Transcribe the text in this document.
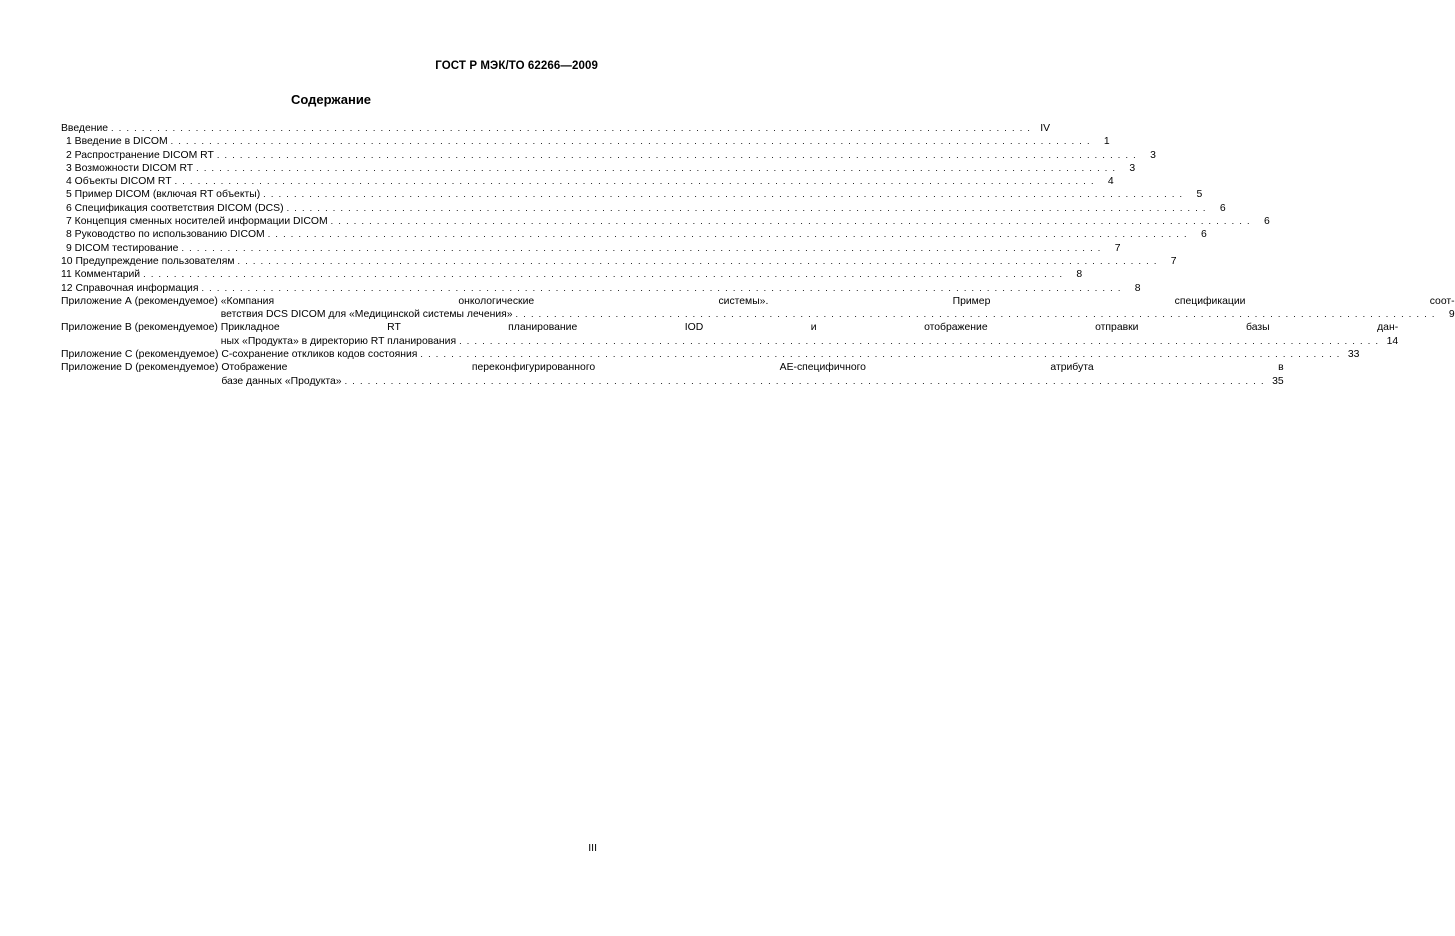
ГОСТ Р МЭК/ТО 62266—2009
Содержание
Введение ........................................................................................................................ IV
1 Введение в DICOM ........................................................................................................................ 1
2 Распространение DICOM RT ........................................................................................................................ 3
3 Возможности DICOM RT ........................................................................................................................ 3
4 Объекты DICOM RT ........................................................................................................................ 4
5 Пример DICOM (включая RT объекты) ........................................................................................................................ 5
6 Спецификация соответствия DICOM (DCS) ........................................................................................................................ 6
7 Концепция сменных носителей информации DICOM ........................................................................................................................ 6
8 Руководство по использованию DICOM ........................................................................................................................ 6
9 DICOM тестирование ........................................................................................................................ 7
10 Предупреждение пользователям ........................................................................................................................ 7
11 Комментарий ........................................................................................................................ 8
12 Справочная информация ........................................................................................................................ 8
Приложение А (рекомендуемое)
«Компания онкологические системы». Пример спецификации соот-
ветствия DCS DICOM для «Медицинской системы лечения» ........................................................................................................................ 9
Приложение В (рекомендуемое)
Прикладное RT планирование IOD и отображение отправки базы дан-
ных «Продукта» в директорию RT планирования ........................................................................................................................ 14
Приложение С (рекомендуемое)
С-сохранение откликов кодов состояния ........................................................................................................................ 33
Приложение D (рекомендуемое)
Отображение переконфигурированного АЕ-специфичного атрибута в
базе данных «Продукта» ........................................................................................................................ 35
III
